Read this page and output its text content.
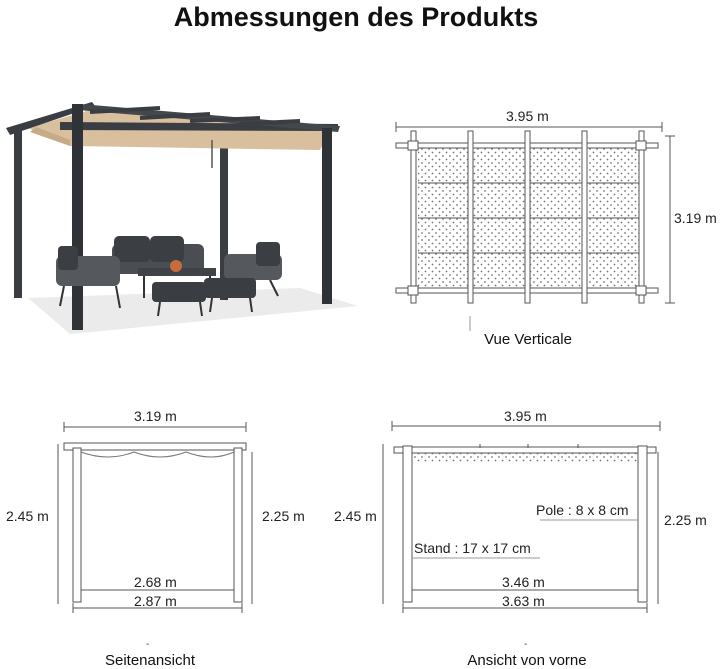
Abmessungen des Produkts
3.95 m
3.19 m
Vue Verticale
3.19 m
2.45 m	2.25 m
2.68 m
2.87 m
-
Seitenansicht
3.95 m
2.45 m	2.25 m
Pole : 8 x 8 cm
Stand : 17 x 17 cm
3.46 m
3.63 m
-
Ansicht von vorne
